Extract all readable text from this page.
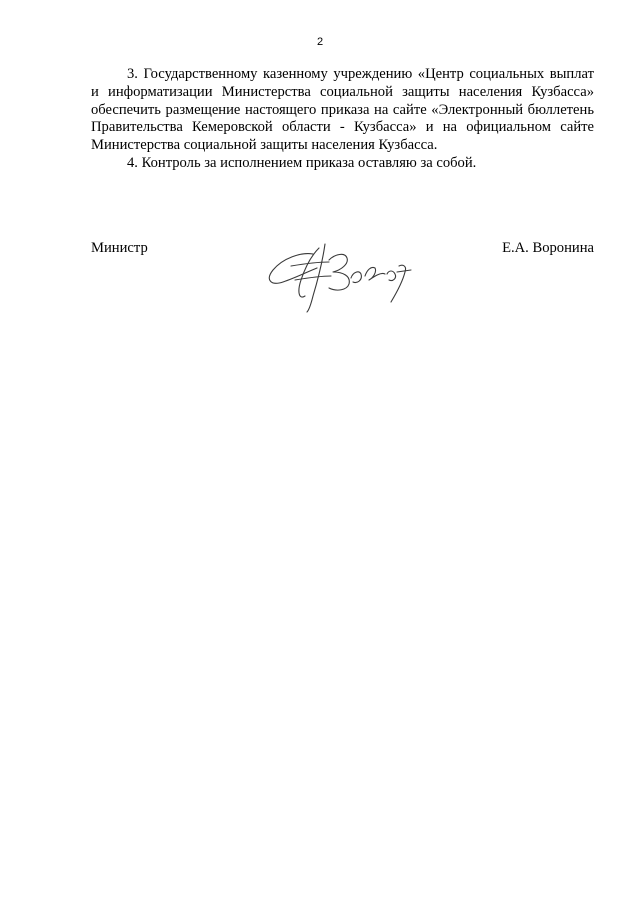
2

3. Государственному казенному учреждению «Центр социальных выплат и информатизации Министерства социальной защиты населения Кузбасса» обеспечить размещение настоящего приказа на сайте «Электронный бюллетень Правительства Кемеровской области - Кузбасса» и на официальном сайте Министерства социальной защиты населения Кузбасса.

4. Контроль за исполнением приказа оставляю за собой.

Министр	Е.А. Воронина
